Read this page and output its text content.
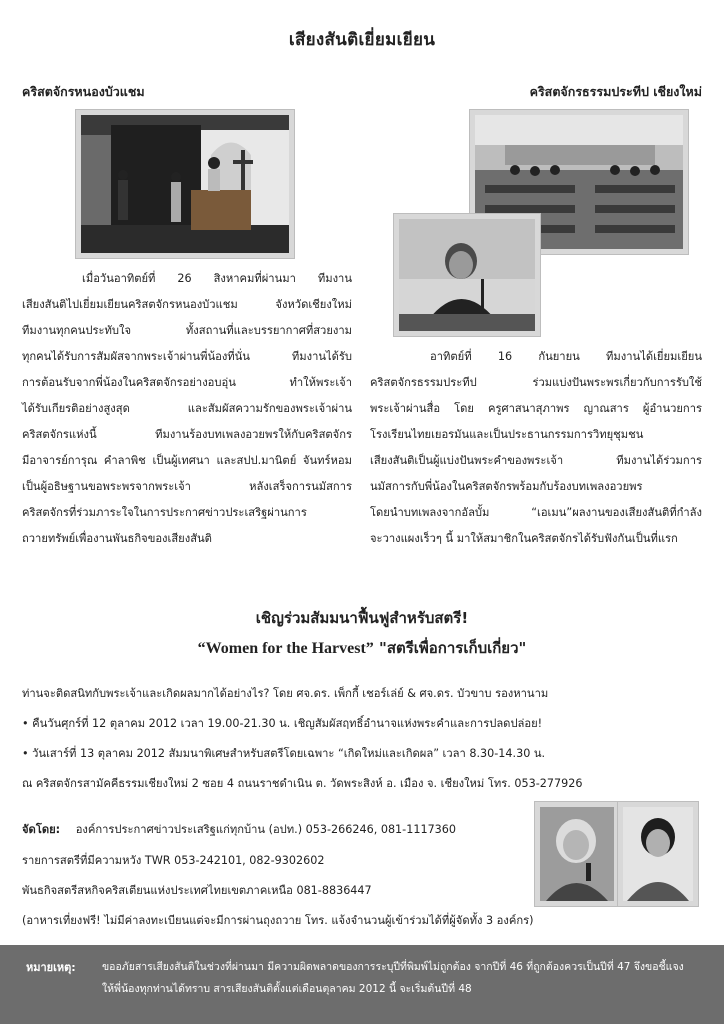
เสียงสันติเยี่ยมเยียน
คริสตจักรหนองบัวแชม

เมื่อวันอาทิตย์ที่ 26 สิงหาคมที่ผ่านมา ทีมงาน

เสียงสันติไปเยี่ยมเยียนคริสตจักรหนองบัวแชม จังหวัดเชียงใหม่

ทีมงานทุกคนประทับใจ ทั้งสถานที่และบรรยากาศที่สวยงาม

ทุกคนได้รับการสัมผัสจากพระเจ้าผ่านพี่น้องที่นั่น ทีมงานได้รับ

การต้อนรับจากพี่น้องในคริสตจักรอย่างอบอุ่น ทำให้พระเจ้า

ได้รับเกียรติอย่างสูงสุด และสัมผัสความรักของพระเจ้าผ่าน

คริสตจักรแห่งนี้ ทีมงานร้องบทเพลงอวยพรให้กับคริสตจักร

มีอาจารย์การุณ คำลาพิช เป็นผู้เทศนา และสปป.มานิตย์ จันทร์หอม

เป็นผู้อธิษฐานขอพระพรจากพระเจ้า หลังเสร็จการนมัสการ

คริสตจักรที่ร่วมภาระใจในการประกาศข่าวประเสริฐผ่านการ

ถวายทรัพย์เพื่องานพันธกิจของเสียงสันติ

คริสตจักรธรรมประทีป เชียงใหม่

อาทิตย์ที่ 16 กันยายน ทีมงานได้เยี่ยมเยียน

คริสตจักรธรรมประทีป ร่วมแบ่งปันพระพรเกี่ยวกับการรับใช้

พระเจ้าผ่านสื่อ โดย ครูศาสนาสุภาพร ญาณสาร ผู้อำนวยการ

โรงเรียนไทยเยอรมันและเป็นประธานกรรมการวิทยุชุมชน

เสียงสันติเป็นผู้แบ่งปันพระคำของพระเจ้า ทีมงานได้ร่วมการ

นมัสการกับพี่น้องในคริสตจักรพร้อมกับร้องบทเพลงอวยพร

โดยนำบทเพลงจากอัลบั้ม “เอเมน”ผลงานของเสียงสันติที่กำลัง

จะวางแผงเร็วๆ นี้ มาให้สมาชิกในคริสตจักรได้รับฟังกันเป็นที่แรก

เชิญร่วมสัมมนาฟื้นฟูสำหรับสตรี!
“Women for the Harvest” "สตรีเพื่อการเก็บเกี่ยว"
ท่านจะติดสนิทกับพระเจ้าและเกิดผลมากได้อย่างไร? โดย ศจ.ดร. เพ็กกี้ เชอร์เล่ย์ & ศจ.ดร. บัวขาบ รองหานาม
• คืนวันศุกร์ที่ 12 ตุลาคม 2012 เวลา 19.00-21.30 น. เชิญสัมผัสฤทธิ์อำนาจแห่งพระคำและการปลดปล่อย!
• วันเสาร์ที่ 13 ตุลาคม 2012 สัมมนาพิเศษสำหรับสตรีโดยเฉพาะ “เกิดใหม่และเกิดผล” เวลา 8.30-14.30 น.
ณ คริสตจักรสามัคคีธรรมเชียงใหม่ 2 ซอย 4 ถนนราชดำเนิน ต. วัดพระสิงห์ อ. เมือง จ. เชียงใหม่ โทร. 053-277926
จัดโดย: องค์การประกาศข่าวประเสริฐแก่ทุกบ้าน (อปท.) 053-266246, 081-1117360
รายการสตรีที่มีความหวัง TWR 053-242101, 082-9302602
พันธกิจสตรีสหกิจคริสเตียนแห่งประเทศไทยเขตภาคเหนือ 081-8836447
(อาหารเที่ยงฟรี! ไม่มีค่าลงทะเบียนแต่จะมีการผ่านถุงถวาย โทร. แจ้งจำนวนผู้เข้าร่วมได้ที่ผู้จัดทั้ง 3 องค์กร)
หมายเหตุ:	ขออภัยสารเสียงสันติในช่วงที่ผ่านมา มีความผิดพลาดของการระบุปีที่พิมพ์ไม่ถูกต้อง จากปีที่ 46 ที่ถูกต้องควรเป็นปีที่ 47 จึงขอชี้แจง
ให้พี่น้องทุกท่านได้ทราบ สารเสียงสันติตั้งแต่เดือนตุลาคม 2012 นี้ จะเริ่มต้นปีที่ 48
